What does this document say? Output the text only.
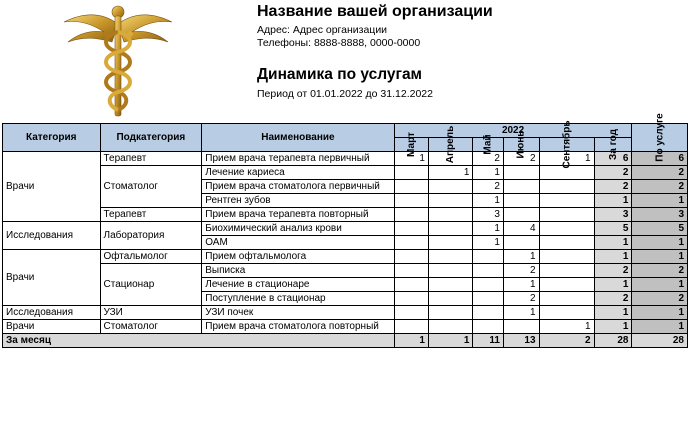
Название вашей организации
Адрес: Адрес организации
Телефоны: 8888-8888, 0000-0000
Динамика по услугам
Период от 01.01.2022 до 31.12.2022
Категория	Подкатегория	Наименование	2022						По услуге
			Март	Апрель	Май	Июнь	Сентябрь	За год	
Врачи	Терапевт	Прием врача терапевта первичный	1		2	2	1	6	6
	Стоматолог	Лечение кариеса		1	1			2	2
		Прием врача стоматолога первичный			2			2	2
		Рентген зубов			1			1	1
	Терапевт	Прием врача терапевта повторный			3			3	3
Исследования	Лаборатория	Биохимический анализ крови			1	4		5	5
		ОАМ			1			1	1
Врачи	Офтальмолог	Прием офтальмолога				1		1	1
	Стационар	Выписка				2		2	2
		Лечение в стационаре				1		1	1
		Поступление в стационар				2		2	2
Исследования	УЗИ	УЗИ почек				1		1	1
Врачи	Стоматолог	Прием врача стоматолога повторный					1	1	1
За месяц			1	1	11	13	2	28	28
